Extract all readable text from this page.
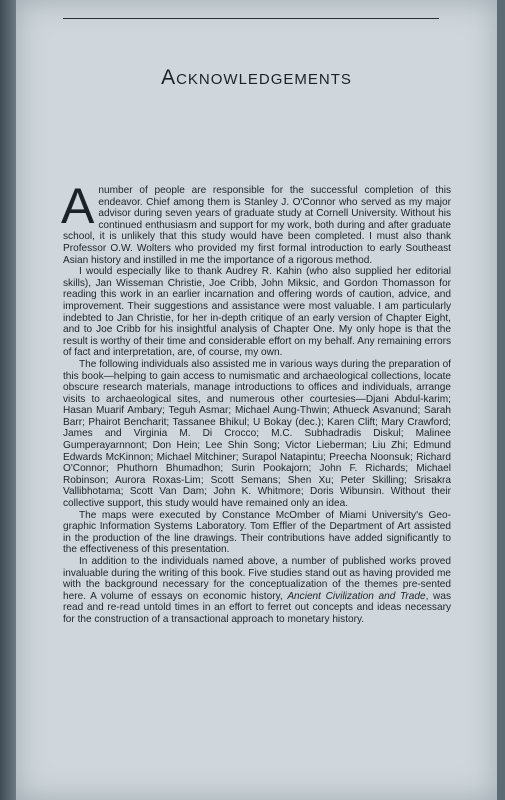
Acknowledgements

Anumber of people are responsible for the successful completion of this endeavor. Chief among them is Stanley J. O'Connor who served as my major advisor during seven years of graduate study at Cornell University. Without his continued enthusiasm and support for my work, both during and after graduate school, it is unlikely that this study would have been completed. I must also thank Professor O.W. Wolters who provided my first formal introduction to early Southeast Asian history and instilled in me the importance of a rigorous method.

I would especially like to thank Audrey R. Kahin (who also supplied her editorial skills), Jan Wisseman Christie, Joe Cribb, John Miksic, and Gordon Thomasson for reading this work in an earlier incarnation and offering words of caution, advice, and improvement. Their suggestions and assistance were most valuable. I am particularly indebted to Jan Christie, for her in-depth critique of an early version of Chapter Eight, and to Joe Cribb for his insightful analysis of Chapter One. My only hope is that the result is worthy of their time and considerable effort on my behalf. Any remaining errors of fact and interpretation, are, of course, my own.

The following individuals also assisted me in various ways during the preparation of this book—helping to gain access to numismatic and archaeological collections, locate obscure research materials, manage introductions to offices and individuals, arrange visits to archaeological sites, and numerous other courtesies—Djani Abdul-karim; Hasan Muarif Ambary; Teguh Asmar; Michael Aung-Thwin; Athueck Asvanund; Sarah Barr; Phairot Bencharit; Tassanee Bhikul; U Bokay (dec.); Karen Clift; Mary Crawford; James and Virginia M. Di Crocco; M.C. Subhadradis Diskul; Malinee Gumperayarnnont; Don Hein; Lee Shin Song; Victor Lieberman; Liu Zhi; Edmund Edwards McKinnon; Michael Mitchiner; Surapol Natapintu; Preecha Noonsuk; Richard O'Connor; Phuthorn Bhumadhon; Surin Pookajorn; John F. Richards; Michael Robinson; Aurora Roxas-Lim; Scott Semans; Shen Xu; Peter Skilling; Srisakra Vallibhotama; Scott Van Dam; John K. Whitmore; Doris Wibunsin. Without their collective support, this study would have remained only an idea.

The maps were executed by Constance McOmber of Miami University's Geo-graphic Information Systems Laboratory. Tom Effler of the Department of Art assisted in the production of the line drawings. Their contributions have added significantly to the effectiveness of this presentation.

In addition to the individuals named above, a number of published works proved invaluable during the writing of this book. Five studies stand out as having provided me with the background necessary for the conceptualization of the themes pre-sented here. A volume of essays on economic history, Ancient Civilization and Trade, was read and re-read untold times in an effort to ferret out concepts and ideas necessary for the construction of a transactional approach to monetary history.
